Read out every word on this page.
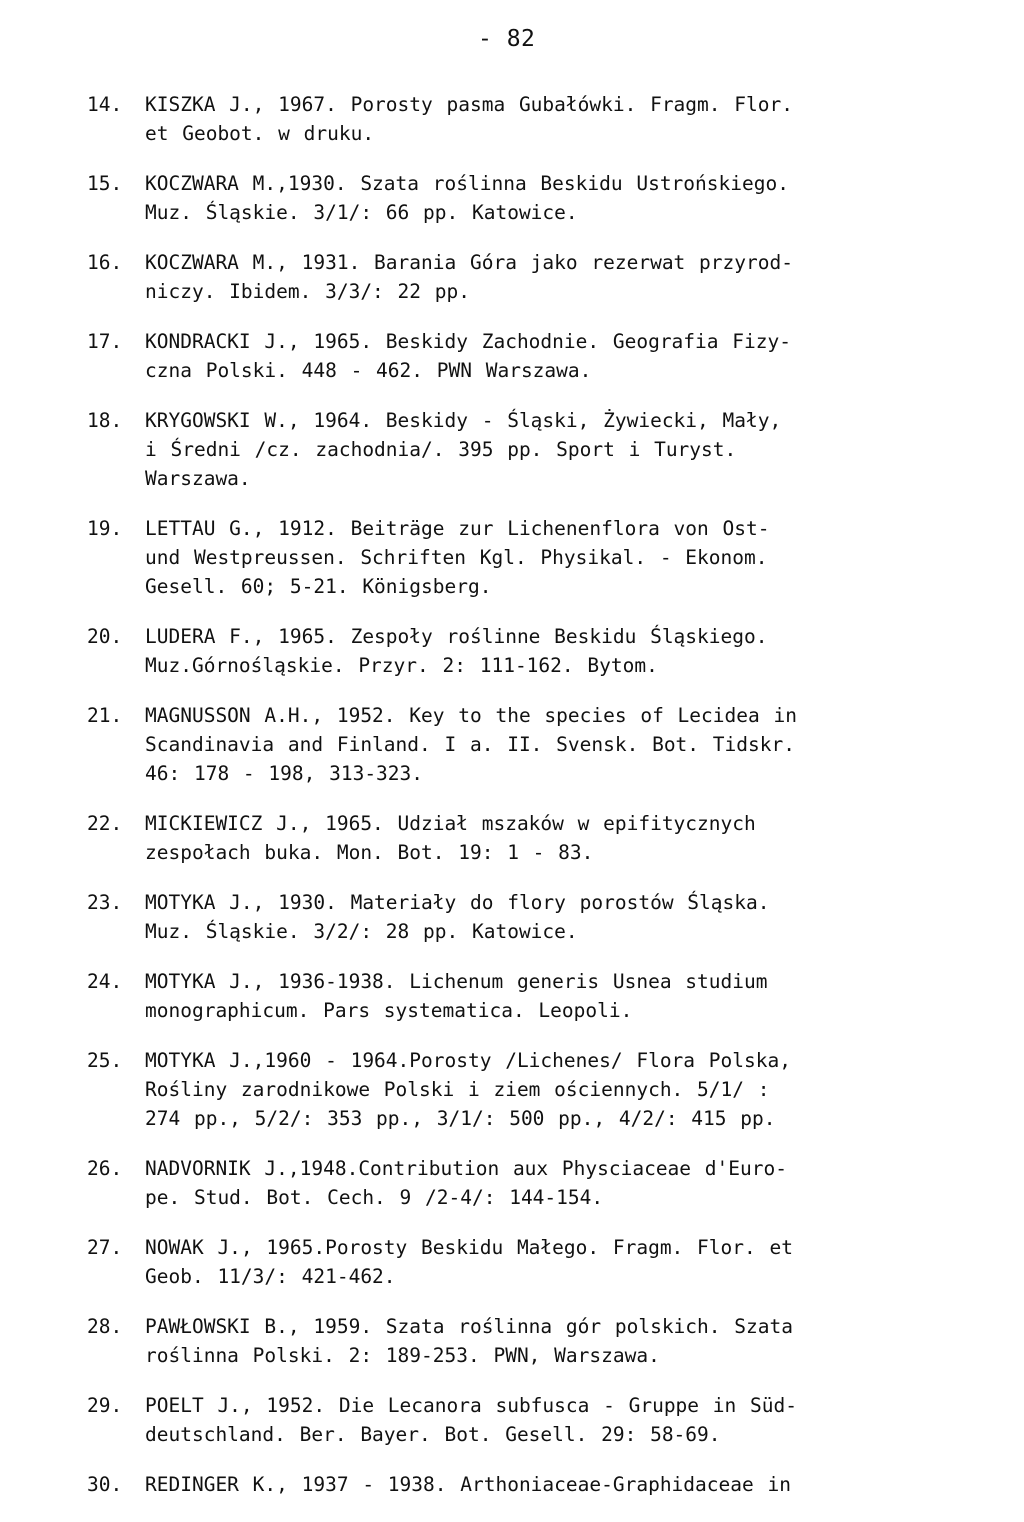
- 82
14.	KISZKA J., 1967. Porosty pasma Gubałówki. Fragm. Flor.
et Geobot. w druku.
15.	KOCZWARA M.,1930. Szata roślinna Beskidu Ustrońskiego.
Muz. Śląskie. 3/1/: 66 pp. Katowice.
16.	KOCZWARA M., 1931. Barania Góra jako rezerwat przyrod-
niczy. Ibidem. 3/3/: 22 pp.
17.	KONDRACKI J., 1965. Beskidy Zachodnie. Geografia Fizy-
czna Polski. 448 - 462. PWN Warszawa.
18.	KRYGOWSKI W., 1964. Beskidy - Śląski, Żywiecki, Mały,
i Średni /cz. zachodnia/. 395 pp. Sport i Turyst.
Warszawa.
19.	LETTAU G., 1912. Beiträge zur Lichenenflora von Ost-
und Westpreussen. Schriften Kgl. Physikal. - Ekonom.
Gesell. 60; 5-21. Königsberg.
20.	LUDERA F., 1965. Zespoły roślinne Beskidu Śląskiego.
Muz.Górnośląskie. Przyr. 2: 111-162. Bytom.
21.	MAGNUSSON A.H., 1952. Key to the species of Lecidea in
Scandinavia and Finland. I a. II. Svensk. Bot. Tidskr.
46: 178 - 198, 313-323.
22.	MICKIEWICZ J., 1965. Udział mszaków w epifitycznych
zespołach buka. Mon. Bot. 19: 1 - 83.
23.	MOTYKA J., 1930. Materiały do flory porostów Śląska.
Muz. Śląskie. 3/2/: 28 pp. Katowice.
24.	MOTYKA J., 1936-1938. Lichenum generis Usnea studium
monographicum. Pars systematica. Leopoli.
25.	MOTYKA J.,1960 - 1964.Porosty /Lichenes/ Flora Polska,
Rośliny zarodnikowe Polski i ziem ościennych. 5/1/ :
274 pp., 5/2/: 353 pp., 3/1/: 500 pp., 4/2/: 415 pp.
26.	NADVORNIK J.,1948.Contribution aux Physciaceae d'Euro-
pe. Stud. Bot. Cech. 9 /2-4/: 144-154.
27.	NOWAK J., 1965.Porosty Beskidu Małego. Fragm. Flor. et
Geob. 11/3/: 421-462.
28.	PAWŁOWSKI B., 1959. Szata roślinna gór polskich. Szata
roślinna Polski. 2: 189-253. PWN, Warszawa.
29.	POELT J., 1952. Die Lecanora subfusca - Gruppe in Süd-
deutschland. Ber. Bayer. Bot. Gesell. 29: 58-69.
30.	REDINGER K., 1937 - 1938. Arthoniaceae-Graphidaceae in
